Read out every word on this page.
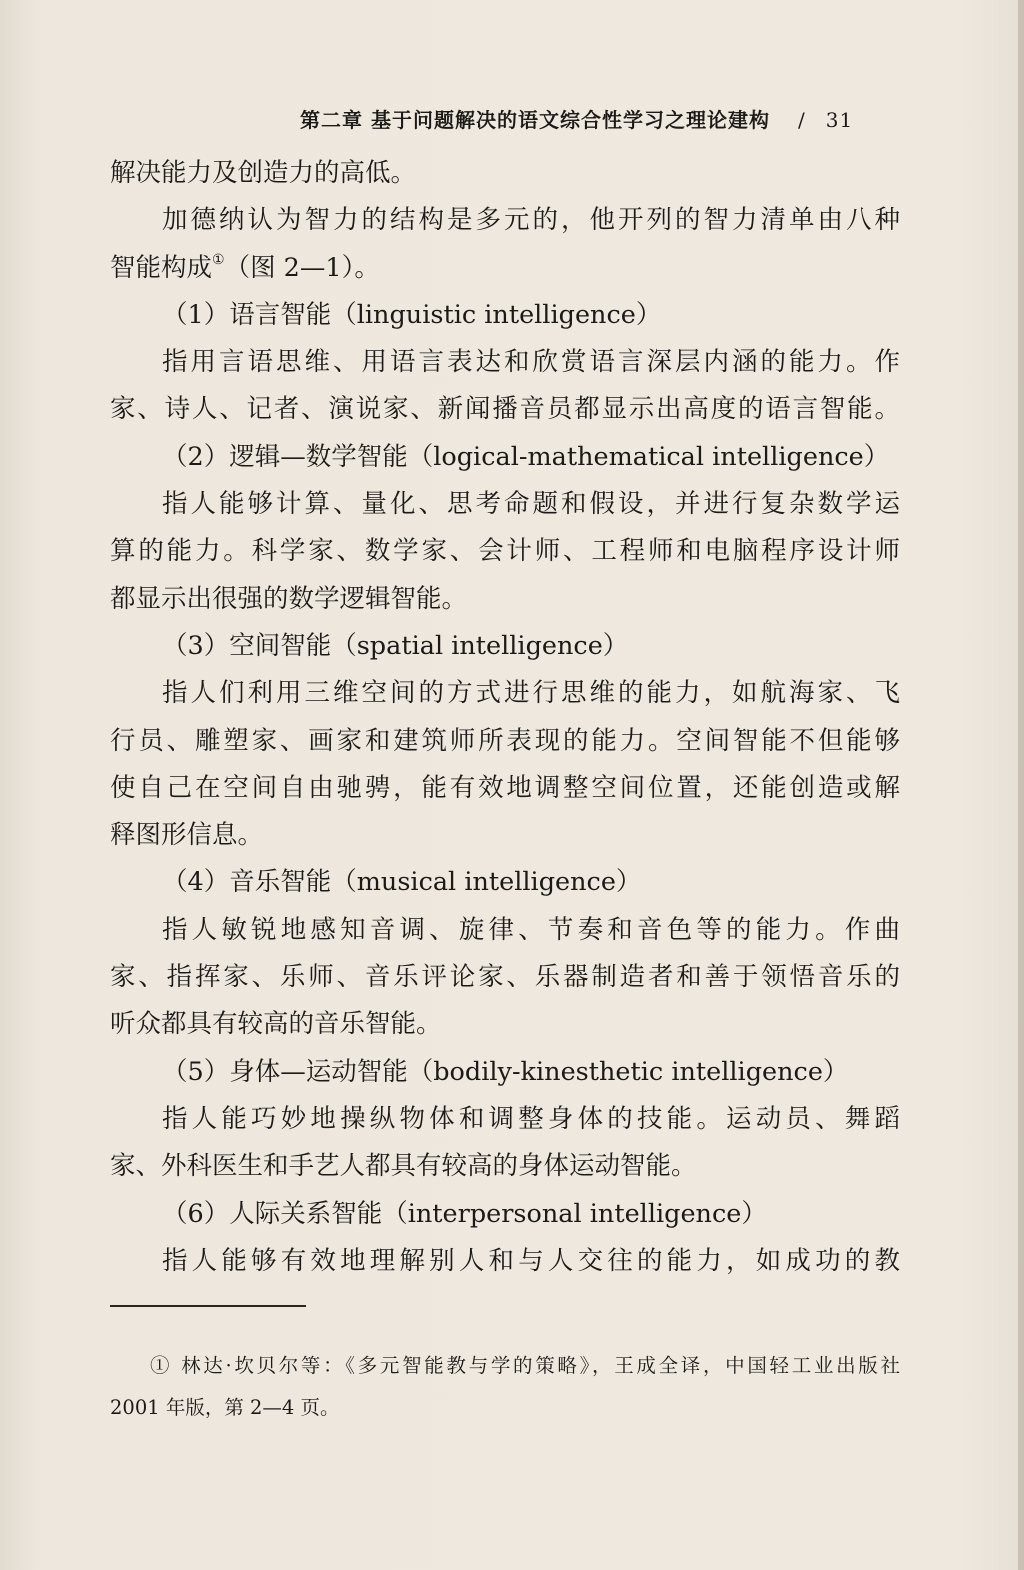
第二章 基于问题解决的语文综合性学习之理论建构 / 31
解决能力及创造力的高低。
加德纳认为智力的结构是多元的，他开列的智力清单由八种
智能构成①（图 2—1）。
（1）语言智能（linguistic intelligence）
指用言语思维、用语言表达和欣赏语言深层内涵的能力。作
家、诗人、记者、演说家、新闻播音员都显示出高度的语言智能。
（2）逻辑—数学智能（logical-mathematical intelligence）
指人能够计算、量化、思考命题和假设，并进行复杂数学运
算的能力。科学家、数学家、会计师、工程师和电脑程序设计师
都显示出很强的数学逻辑智能。
（3）空间智能（spatial intelligence）
指人们利用三维空间的方式进行思维的能力，如航海家、飞
行员、雕塑家、画家和建筑师所表现的能力。空间智能不但能够
使自己在空间自由驰骋，能有效地调整空间位置，还能创造或解
释图形信息。
（4）音乐智能（musical intelligence）
指人敏锐地感知音调、旋律、节奏和音色等的能力。作曲
家、指挥家、乐师、音乐评论家、乐器制造者和善于领悟音乐的
听众都具有较高的音乐智能。
（5）身体—运动智能（bodily-kinesthetic intelligence）
指人能巧妙地操纵物体和调整身体的技能。运动员、舞蹈
家、外科医生和手艺人都具有较高的身体运动智能。
（6）人际关系智能（interpersonal intelligence）
指人能够有效地理解别人和与人交往的能力，如成功的教
① 林达·坎贝尔等：《多元智能教与学的策略》，王成全译，中国轻工业出版社
2001 年版，第 2—4 页。
